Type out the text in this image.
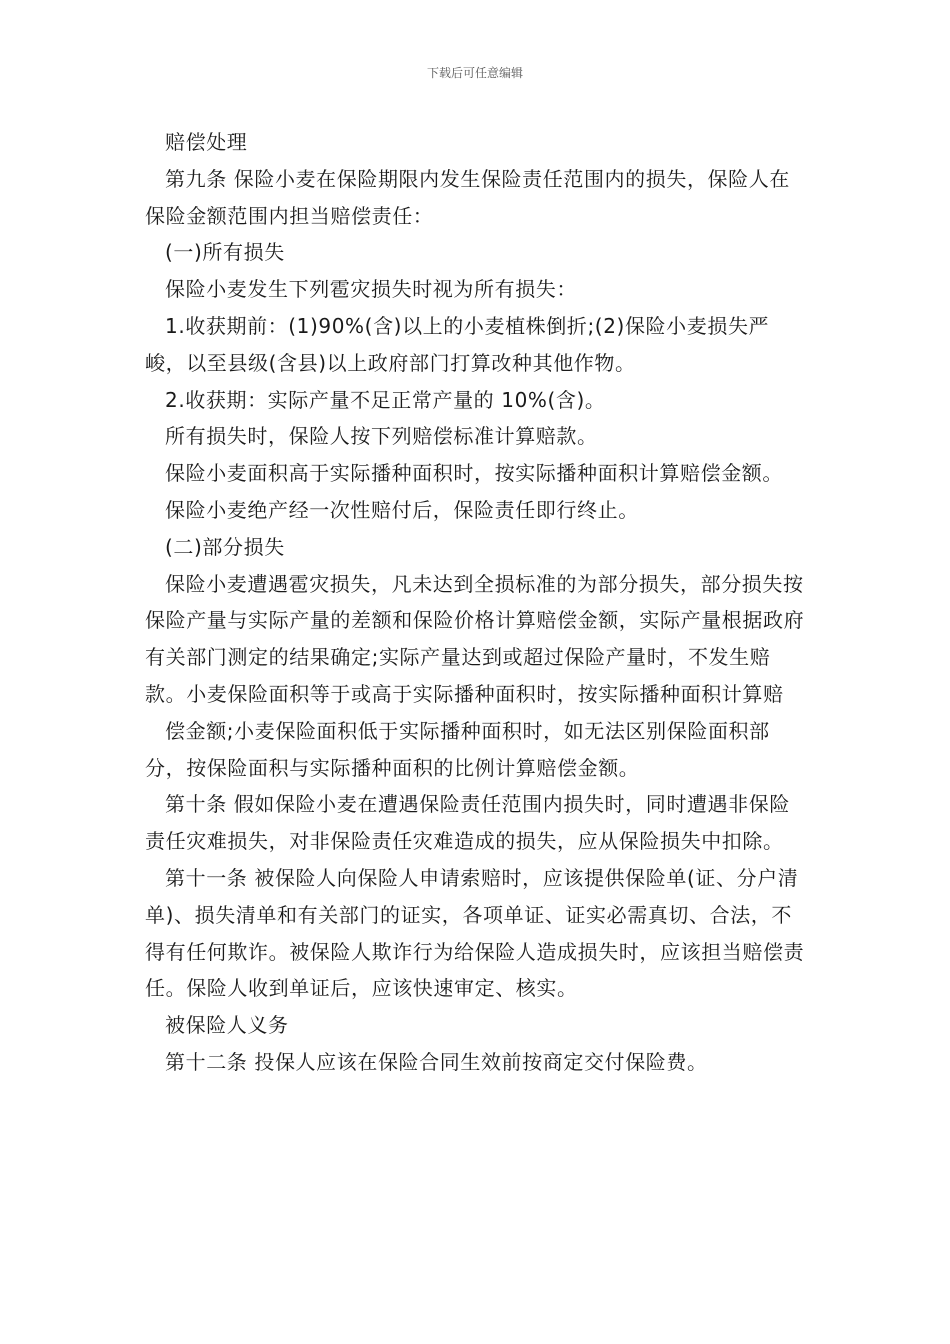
下载后可任意编辑

赔偿处理

第九条 保险小麦在保险期限内发生保险责任范围内的损失，保险人在保险金额范围内担当赔偿责任：

(一)所有损失

保险小麦发生下列雹灾损失时视为所有损失：

1.收获期前：(1)90%(含)以上的小麦植株倒折;(2)保险小麦损失严峻，以至县级(含县)以上政府部门打算改种其他作物。

2.收获期：实际产量不足正常产量的 10%(含)。

所有损失时，保险人按下列赔偿标准计算赔款。

保险小麦面积高于实际播种面积时，按实际播种面积计算赔偿金额。

保险小麦绝产经一次性赔付后，保险责任即行终止。

(二)部分损失

保险小麦遭遇雹灾损失，凡未达到全损标准的为部分损失，部分损失按保险产量与实际产量的差额和保险价格计算赔偿金额，实际产量根据政府有关部门测定的结果确定;实际产量达到或超过保险产量时，不发生赔款。小麦保险面积等于或高于实际播种面积时，按实际播种面积计算赔

偿金额;小麦保险面积低于实际播种面积时，如无法区别保险面积部分，按保险面积与实际播种面积的比例计算赔偿金额。

第十条 假如保险小麦在遭遇保险责任范围内损失时，同时遭遇非保险责任灾难损失，对非保险责任灾难造成的损失，应从保险损失中扣除。

第十一条 被保险人向保险人申请索赔时，应该提供保险单(证、分户清单)、损失清单和有关部门的证实，各项单证、证实必需真切、合法，不得有任何欺诈。被保险人欺诈行为给保险人造成损失时，应该担当赔偿责任。保险人收到单证后，应该快速审定、核实。

被保险人义务

第十二条 投保人应该在保险合同生效前按商定交付保险费。
